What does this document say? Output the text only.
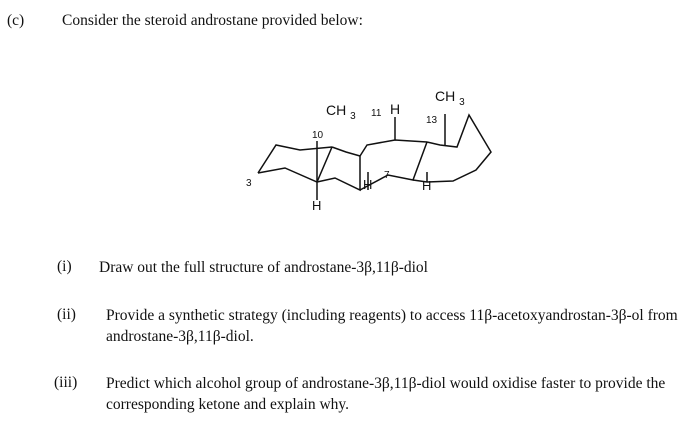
(c) Consider the steroid androstane provided below:
CH $_3$
CH $_3$ 11 H
13
10
3
7
H
H	H
(i) Draw out the full structure of androstane-3β,11β-diol
(ii) Provide a synthetic strategy (including reagents) to access 11β-acetoxyandrostan-3β-ol from androstane-3β,11β-diol.
(iii) Predict which alcohol group of androstane-3β,11β-diol would oxidise faster to provide the corresponding ketone and explain why.
